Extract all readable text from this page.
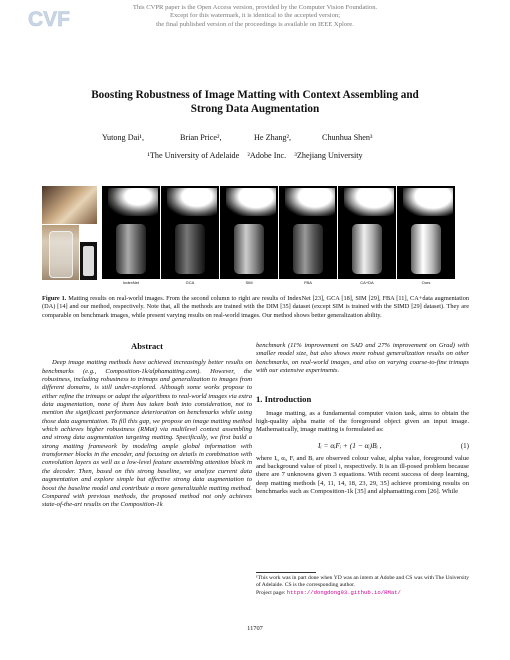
CVF
This CVPR paper is the Open Access version, provided by the Computer Vision Foundation.
Except for this watermark, it is identical to the accepted version;
the final published version of the proceedings is available on IEEE Xplore.
Boosting Robustness of Image Matting with Context Assembling and
Strong Data Augmentation
Yutong Dai¹,	Brian Price²,	He Zhang²,	Chunhua Shen³
¹The University of Adelaide    ²Adobe Inc.    ³Zhejiang University
IndexNet	GCA	SIM	FBA	CA+DA	Ours
Figure 1. Matting results on real-world images. From the second column to right are results of IndexNet [23], GCA [18], SIM [29], FBA [11], CA+data augmentation (DA) [14] and our method, respectively. Note that, all the methods are trained with the DIM [35] dataset (except SIM is trained with the SIMD [29] dataset). They are comparable on benchmark images, while present varying results on real-world images. Our method shows better generalization ability.
Abstract
Deep image matting methods have achieved increasingly better results on benchmarks (e.g., Composition-1k/alphamatting.com). However, the robustness, including robustness to trimaps and generalization to images from different domains, is still under-explored. Although some works propose to either refine the trimaps or adapt the algorithms to real-world images via extra data augmentation, none of them has taken both into consideration, not to mention the significant performance deterioration on benchmarks while using those data augmentation. To fill this gap, we propose an image matting method which achieves higher robustness (RMat) via multilevel context assembling and strong data augmentation targeting matting. Specifically, we first build a strong matting framework by modeling ample global information with transformer blocks in the encoder, and focusing on details in combination with convolution layers as well as a low-level feature assembling attention block in the decoder. Then, based on this strong baseline, we analyze current data augmentation and explore simple but effective strong data augmentation to boost the baseline model and contribute a more generalizable matting method. Compared with previous methods, the proposed method not only achieves state-of-the-art results on the Composition-1k
benchmark (11% improvement on SAD and 27% improvement on Grad) with smaller model size, but also shows more robust generalization results on other benchmarks, on real-world images, and also on varying coarse-to-fine trimaps with our extensive experiments.
1. Introduction
Image matting, as a fundamental computer vision task, aims to obtain the high-quality alpha matte of the foreground object given an input image. Mathematically, image matting is formulated as:
Iᵢ = αᵢFᵢ + (1 − αᵢ)Bᵢ ,	(1)
where Iᵢ, αᵢ, Fᵢ and Bᵢ are observed colour value, alpha value, foreground value and background value of pixel i, respectively. It is an ill-posed problem because there are 7 unknowns given 3 equations. With recent success of deep learning, deep matting methods [4, 11, 14, 18, 23, 29, 35] achieve promising results on benchmarks such as Composition-1k [35] and alphamatting.com [26]. While
¹This work was in part done when YD was an intern at Adobe and CS was with The University of Adelaide. CS is the corresponding author.
Project page: https://dongdong93.github.io/RMat/
11707
